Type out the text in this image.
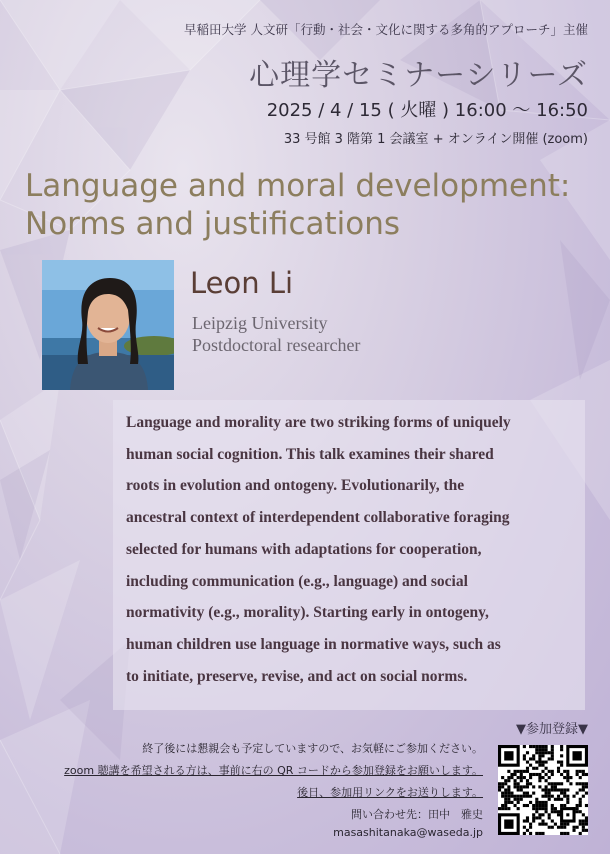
早稲田大学 人文研「行動・社会・文化に関する多角的アプローチ」主催
心理学セミナーシリーズ
2025 / 4 / 15 ( 火曜 ) 16:00 〜 16:50
33 号館 3 階第 1 会議室 + オンライン開催 (zoom)
Language and moral development:
Norms and justifications
Leon Li
Leipzig University
Postdoctoral researcher
Language and morality are two striking forms of uniquely
human social cognition. This talk examines their shared
roots in evolution and ontogeny. Evolutionarily, the
ancestral context of interdependent collaborative foraging
selected for humans with adaptations for cooperation,
including communication (e.g., language) and social
normativity (e.g., morality). Starting early in ontogeny,
human children use language in normative ways, such as
to initiate, preserve, revise, and act on social norms.
▼参加登録▼
終了後には懇親会も予定していますので、お気軽にご参加ください。
zoom 聴講を希望される方は、事前に右の QR コードから参加登録をお願いします。
後日、参加用リンクをお送りします。
問い合わせ先：田中　雅史
masashitanaka@waseda.jp
